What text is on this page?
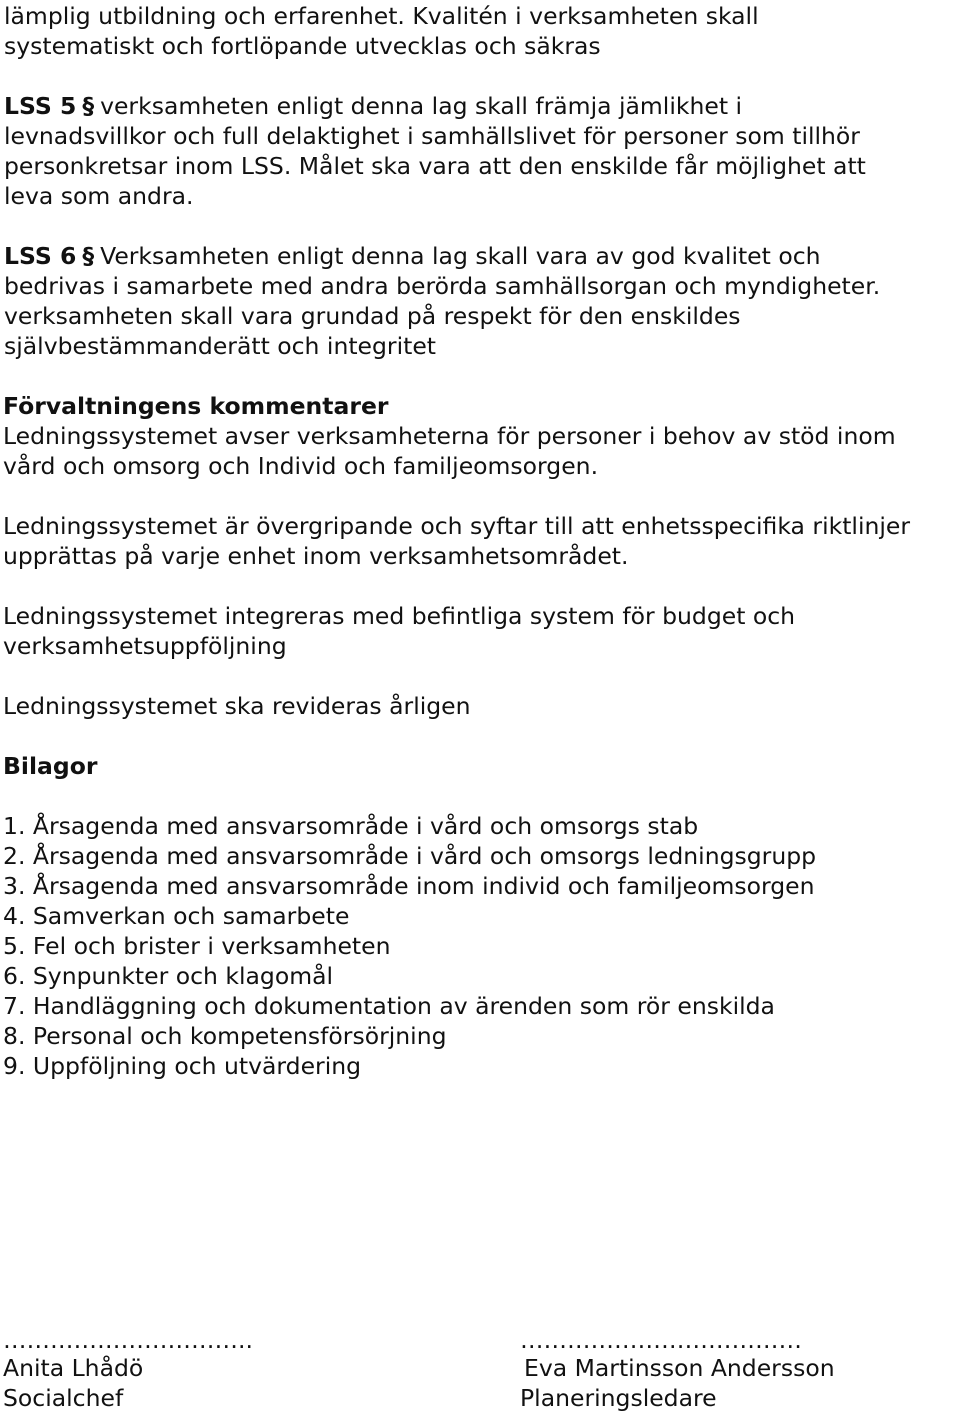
lämplig utbildning och erfarenhet. Kvalitén i verksamheten skall
systematiskt och fortlöpande utvecklas och säkras
LSS 5 § verksamheten enligt denna lag skall främja jämlikhet i
levnadsvillkor och full delaktighet i samhällslivet för personer som tillhör
personkretsar inom LSS. Målet ska vara att den enskilde får möjlighet att
leva som andra.
LSS 6 § Verksamheten enligt denna lag skall vara av god kvalitet och
bedrivas i samarbete med andra berörda samhällsorgan och myndigheter.
verksamheten skall vara grundad på respekt för den enskildes
självbestämmanderätt och integritet
Förvaltningens kommentarer
Ledningssystemet avser verksamheterna för personer i behov av stöd inom
vård och omsorg och Individ och familjeomsorgen.
Ledningssystemet är övergripande och syftar till att enhetsspecifika riktlinjer
upprättas på varje enhet inom verksamhetsområdet.
Ledningssystemet integreras med befintliga system för budget och
verksamhetsuppföljning
Ledningssystemet ska revideras årligen
Bilagor
1. Årsagenda med ansvarsområde i vård och omsorgs stab
2. Årsagenda med ansvarsområde i vård och omsorgs ledningsgrupp
3. Årsagenda med ansvarsområde inom individ och familjeomsorgen
4. Samverkan och samarbete
5. Fel och brister i verksamheten
6. Synpunkter och klagomål
7. Handläggning och dokumentation av ärenden som rör enskilda
8. Personal och kompetensförsörjning
9. Uppföljning och utvärdering
…………………………..
Anita Lhådö
Socialchef
………………………………
Eva Martinsson Andersson
Planeringsledare
